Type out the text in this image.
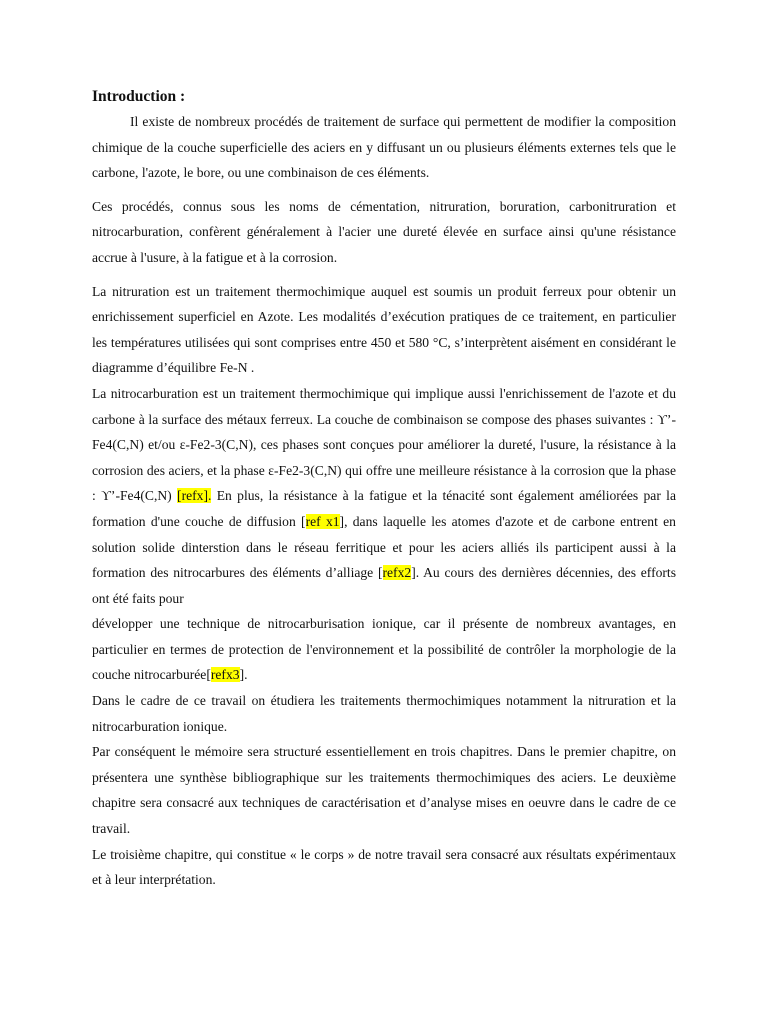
Introduction :

Il existe de nombreux procédés de traitement de surface qui permettent de modifier la composition chimique de la couche superficielle des aciers en y diffusant un ou plusieurs éléments externes tels que le carbone, l'azote, le bore, ou une combinaison de ces éléments.

Ces procédés, connus sous les noms de cémentation, nitruration, boruration, carbonitruration et nitrocarburation, confèrent généralement à l'acier une dureté élevée en surface ainsi qu'une résistance accrue à l'usure, à la fatigue et à la corrosion.

La nitruration est un traitement thermochimique auquel est soumis un produit ferreux pour obtenir un enrichissement superficiel en Azote. Les modalités d’exécution pratiques de ce traitement, en particulier les températures utilisées qui sont comprises entre 450 et 580 °C, s’interprètent aisément en considérant le diagramme d’équilibre Fe-N .

La nitrocarburation est un traitement thermochimique qui implique aussi l'enrichissement de l'azote et du carbone à la surface des métaux ferreux. La couche de combinaison se compose des phases suivantes : ϒ’-Fe4(C,N) et/ou ε-Fe2-3(C,N), ces phases sont conçues pour améliorer la dureté, l'usure, la résistance à la corrosion des aciers, et la phase ε-Fe2-3(C,N) qui offre une meilleure résistance à la corrosion que la phase : ϒ’-Fe4(C,N) [refx]. En plus, la résistance à la fatigue et la ténacité sont également améliorées par la formation d'une couche de diffusion [ref x1], dans laquelle les atomes d'azote et de carbone entrent en solution solide dinterstion dans le réseau ferritique et pour les aciers alliés ils participent aussi à la formation des nitrocarbures des éléments d’alliage [refx2]. Au cours des dernières décennies, des efforts ont été faits pour

développer une technique de nitrocarburisation ionique, car il présente de nombreux avantages, en particulier en termes de protection de l'environnement et la possibilité de contrôler la morphologie de la couche nitrocarburée[refx3].

Dans le cadre de ce travail on étudiera les traitements thermochimiques notamment la nitruration et la nitrocarburation ionique.

Par conséquent le mémoire sera structuré essentiellement en trois chapitres. Dans le premier chapitre, on présentera une synthèse bibliographique sur les traitements thermochimiques des aciers. Le deuxième chapitre sera consacré aux techniques de caractérisation et d’analyse mises en oeuvre dans le cadre de ce travail.

Le troisième chapitre, qui constitue « le corps » de notre travail sera consacré aux résultats expérimentaux et à leur interprétation.
